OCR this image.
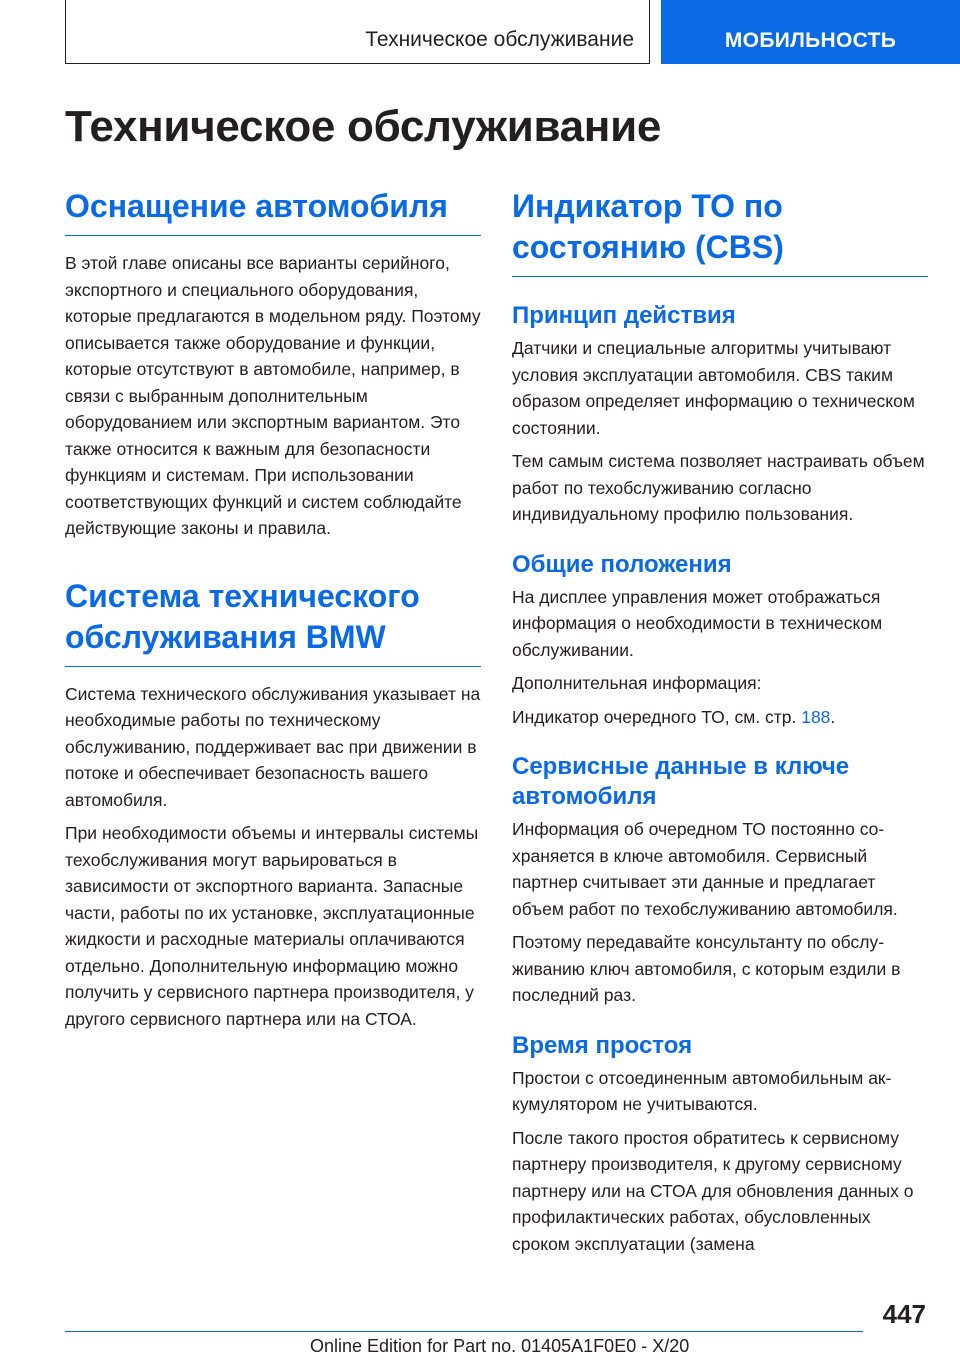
Техническое обслуживание	МОБИЛЬНОСТЬ
Техническое обслуживание
Оснащение автомобиля

В этой главе описаны все варианты серийного, экспортного и специального оборудования, которые предлагаются в модельном ряду. Поэтому описывается также оборудование и функции, которые отсутствуют в автомобиле, например, в связи с выбранным дополнительным оборудованием или экспортным вариантом. Это также относится к важным для безопасности функциям и системам. При использовании соответствующих функций и систем соблюдайте действующие законы и правила.

Система технического обслуживания BMW

Система технического обслуживания указывает на необходимые работы по техническому обслуживанию, поддерживает вас при движении в потоке и обеспечивает безопасность вашего автомобиля.

При необходимости объемы и интервалы системы техобслуживания могут варьироваться в зависимости от экспортного варианта. Запасные части, работы по их установке, эксплуатационные жидкости и расходные материалы оплачиваются отдельно. Дополнительную информацию можно получить у сервисного партнера производителя, у другого сервисного партнера или на СТОА.

Индикатор ТО по состоянию (CBS)
Принцип действия

Датчики и специальные алгоритмы учитывают условия эксплуатации автомобиля. CBS таким образом определяет информацию о техническом состоянии.

Тем самым система позволяет настраивать объем работ по техобслуживанию согласно индивидуальному профилю пользования.

Общие положения

На дисплее управления может отображаться информация о необходимости в техническом обслуживании.

Дополнительная информация:

Индикатор очередного ТО, см. стр. 188.

Сервисные данные в ключе автомобиля

Информация об очередном ТО постоянно сохраняется в ключе автомобиля. Сервисный партнер считывает эти данные и предлагает объем работ по техобслуживанию автомобиля.

Поэтому передавайте консультанту по обслуживанию ключ автомобиля, с которым ездили в последний раз.

Время простоя

Простои с отсоединенным автомобильным аккумулятором не учитываются.

После такого простоя обратитесь к сервисному партнеру производителя, к другому сервисному партнеру или на СТОА для обновления данных о профилактических работах, обусловленных сроком эксплуатации (замена

447
Online Edition for Part no. 01405A1F0E0 - X/20
